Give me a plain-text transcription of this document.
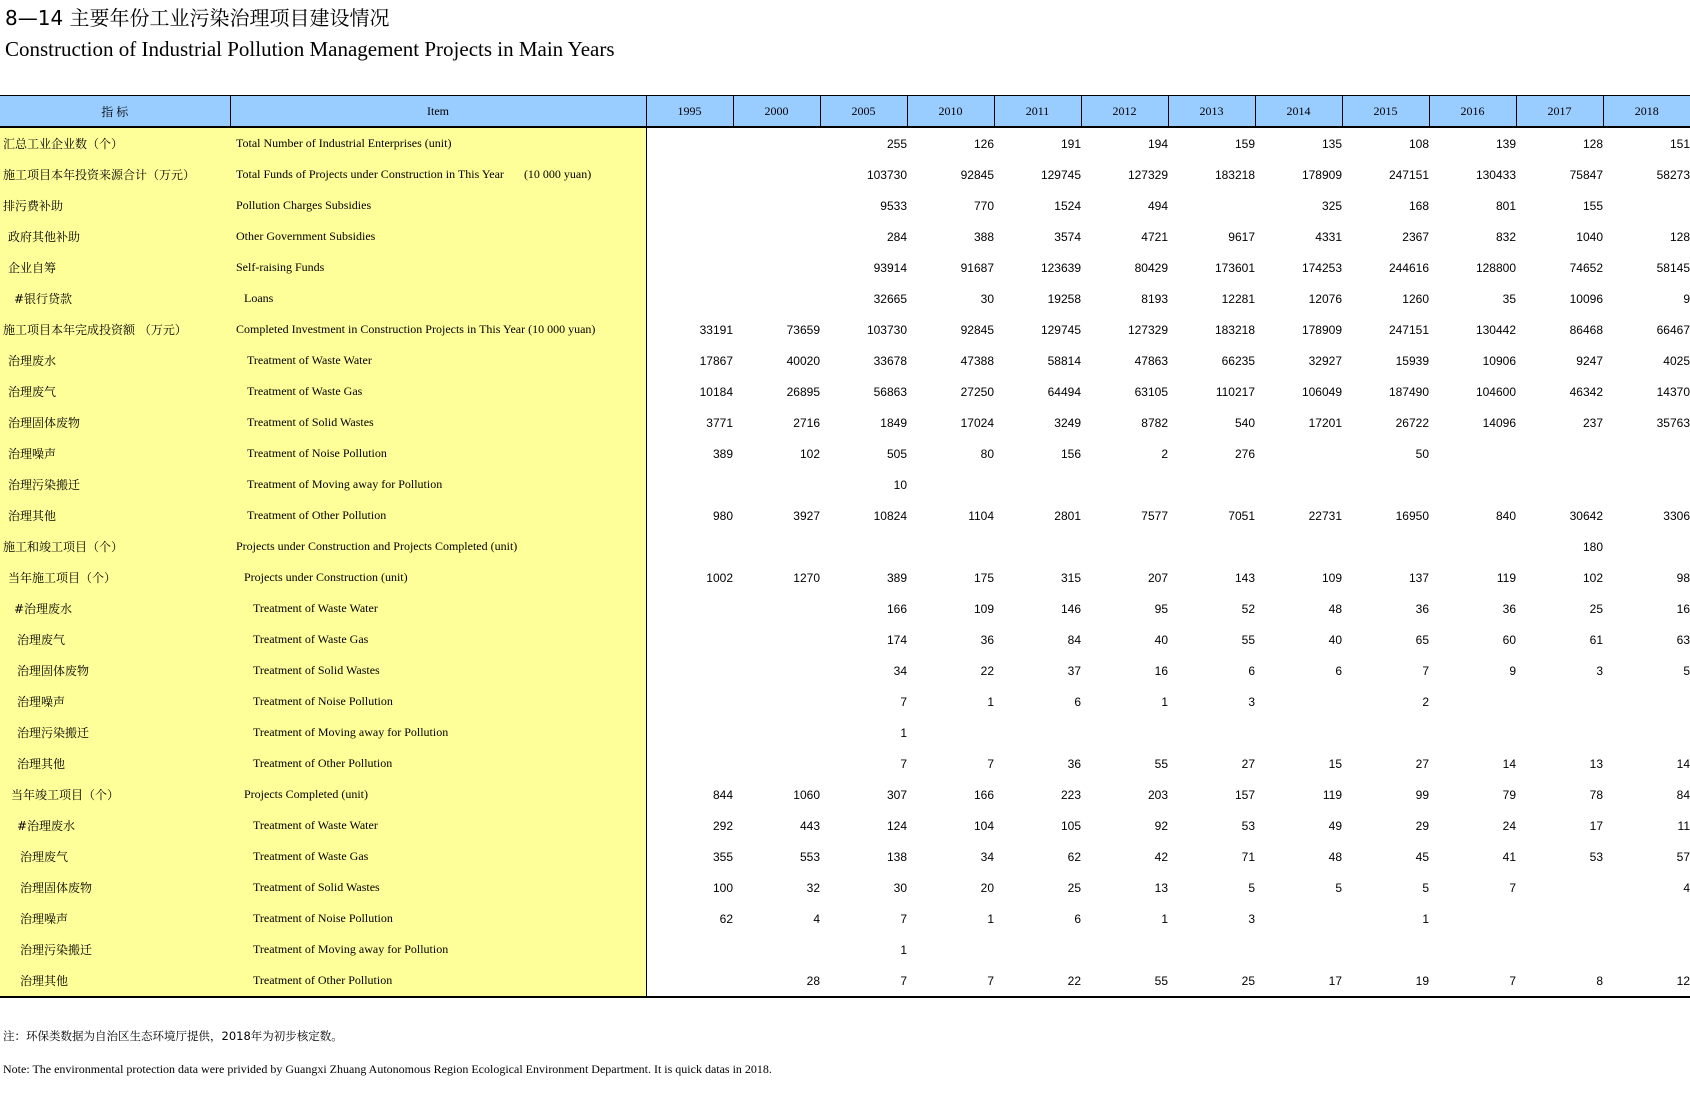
8—14 主要年份工业污染治理项目建设情况
Construction of Industrial Pollution Management Projects in Main Years
指 标	Item	1995	2000	2005	2010	2011	2012	2013	2014	2015	2016	2017	2018
汇总工业企业数（个）	Total Number of Industrial Enterprises (unit)			255	126	191	194	159	135	108	139	128	151
施工项目本年投资来源合计（万元）	Total Funds of Projects under Construction in This Year (10 000 yuan)			103730	92845	129745	127329	183218	178909	247151	130433	75847	58273
排污费补助	Pollution Charges Subsidies			9533	770	1524	494		325	168	801	155	
政府其他补助	Other Government Subsidies			284	388	3574	4721	9617	4331	2367	832	1040	128
企业自筹	Self-raising Funds			93914	91687	123639	80429	173601	174253	244616	128800	74652	58145
#银行贷款	Loans			32665	30	19258	8193	12281	12076	1260	35	10096	9
施工项目本年完成投资额 （万元）	Completed Investment in Construction Projects in This Year (10 000 yuan)	33191	73659	103730	92845	129745	127329	183218	178909	247151	130442	86468	66467
治理废水	Treatment of Waste Water	17867	40020	33678	47388	58814	47863	66235	32927	15939	10906	9247	4025
治理废气	Treatment of Waste Gas	10184	26895	56863	27250	64494	63105	110217	106049	187490	104600	46342	14370
治理固体废物	Treatment of Solid Wastes	3771	2716	1849	17024	3249	8782	540	17201	26722	14096	237	35763
治理噪声	Treatment of Noise Pollution	389	102	505	80	156	2	276		50			
治理污染搬迁	Treatment of Moving away for Pollution			10									
治理其他	Treatment of Other Pollution	980	3927	10824	1104	2801	7577	7051	22731	16950	840	30642	3306
施工和竣工项目（个）	Projects under Construction and Projects Completed (unit)											180	
当年施工项目（个）	Projects under Construction (unit)	1002	1270	389	175	315	207	143	109	137	119	102	98
#治理废水	Treatment of Waste Water			166	109	146	95	52	48	36	36	25	16
治理废气	Treatment of Waste Gas			174	36	84	40	55	40	65	60	61	63
治理固体废物	Treatment of Solid Wastes			34	22	37	16	6	6	7	9	3	5
治理噪声	Treatment of Noise Pollution			7	1	6	1	3		2			
治理污染搬迁	Treatment of Moving away for Pollution			1									
治理其他	Treatment of Other Pollution			7	7	36	55	27	15	27	14	13	14
当年竣工项目（个）	Projects Completed (unit)	844	1060	307	166	223	203	157	119	99	79	78	84
#治理废水	Treatment of Waste Water	292	443	124	104	105	92	53	49	29	24	17	11
治理废气	Treatment of Waste Gas	355	553	138	34	62	42	71	48	45	41	53	57
治理固体废物	Treatment of Solid Wastes	100	32	30	20	25	13	5	5	5	7		4
治理噪声	Treatment of Noise Pollution	62	4	7	1	6	1	3		1			
治理污染搬迁	Treatment of Moving away for Pollution			1									
治理其他	Treatment of Other Pollution		28	7	7	22	55	25	17	19	7	8	12
注：环保类数据为自治区生态环境厅提供，2018年为初步核定数。
Note: The environmental protection data were privided by Guangxi Zhuang Autonomous Region Ecological Environment Department. It is quick datas in 2018.
